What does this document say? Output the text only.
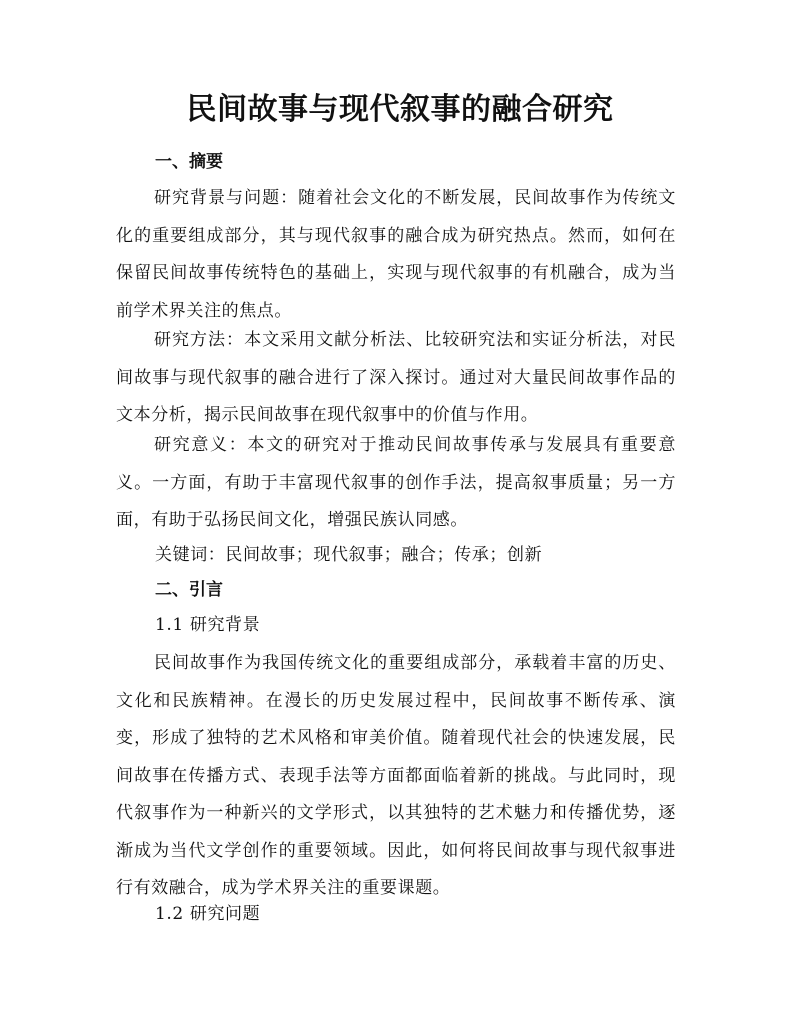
民间故事与现代叙事的融合研究
一、摘要

研究背景与问题：随着社会文化的不断发展，民间故事作为传统文化的重要组成部分，其与现代叙事的融合成为研究热点。然而，如何在保留民间故事传统特色的基础上，实现与现代叙事的有机融合，成为当前学术界关注的焦点。

研究方法：本文采用文献分析法、比较研究法和实证分析法，对民间故事与现代叙事的融合进行了深入探讨。通过对大量民间故事作品的文本分析，揭示民间故事在现代叙事中的价值与作用。

研究意义：本文的研究对于推动民间故事传承与发展具有重要意义。一方面，有助于丰富现代叙事的创作手法，提高叙事质量；另一方面，有助于弘扬民间文化，增强民族认同感。

关键词：民间故事；现代叙事；融合；传承；创新
二、引言
1.1 研究背景

民间故事作为我国传统文化的重要组成部分，承载着丰富的历史、文化和民族精神。在漫长的历史发展过程中，民间故事不断传承、演变，形成了独特的艺术风格和审美价值。随着现代社会的快速发展，民间故事在传播方式、表现手法等方面都面临着新的挑战。与此同时，现代叙事作为一种新兴的文学形式，以其独特的艺术魅力和传播优势，逐渐成为当代文学创作的重要领域。因此，如何将民间故事与现代叙事进行有效融合，成为学术界关注的重要课题。

1.2 研究问题
